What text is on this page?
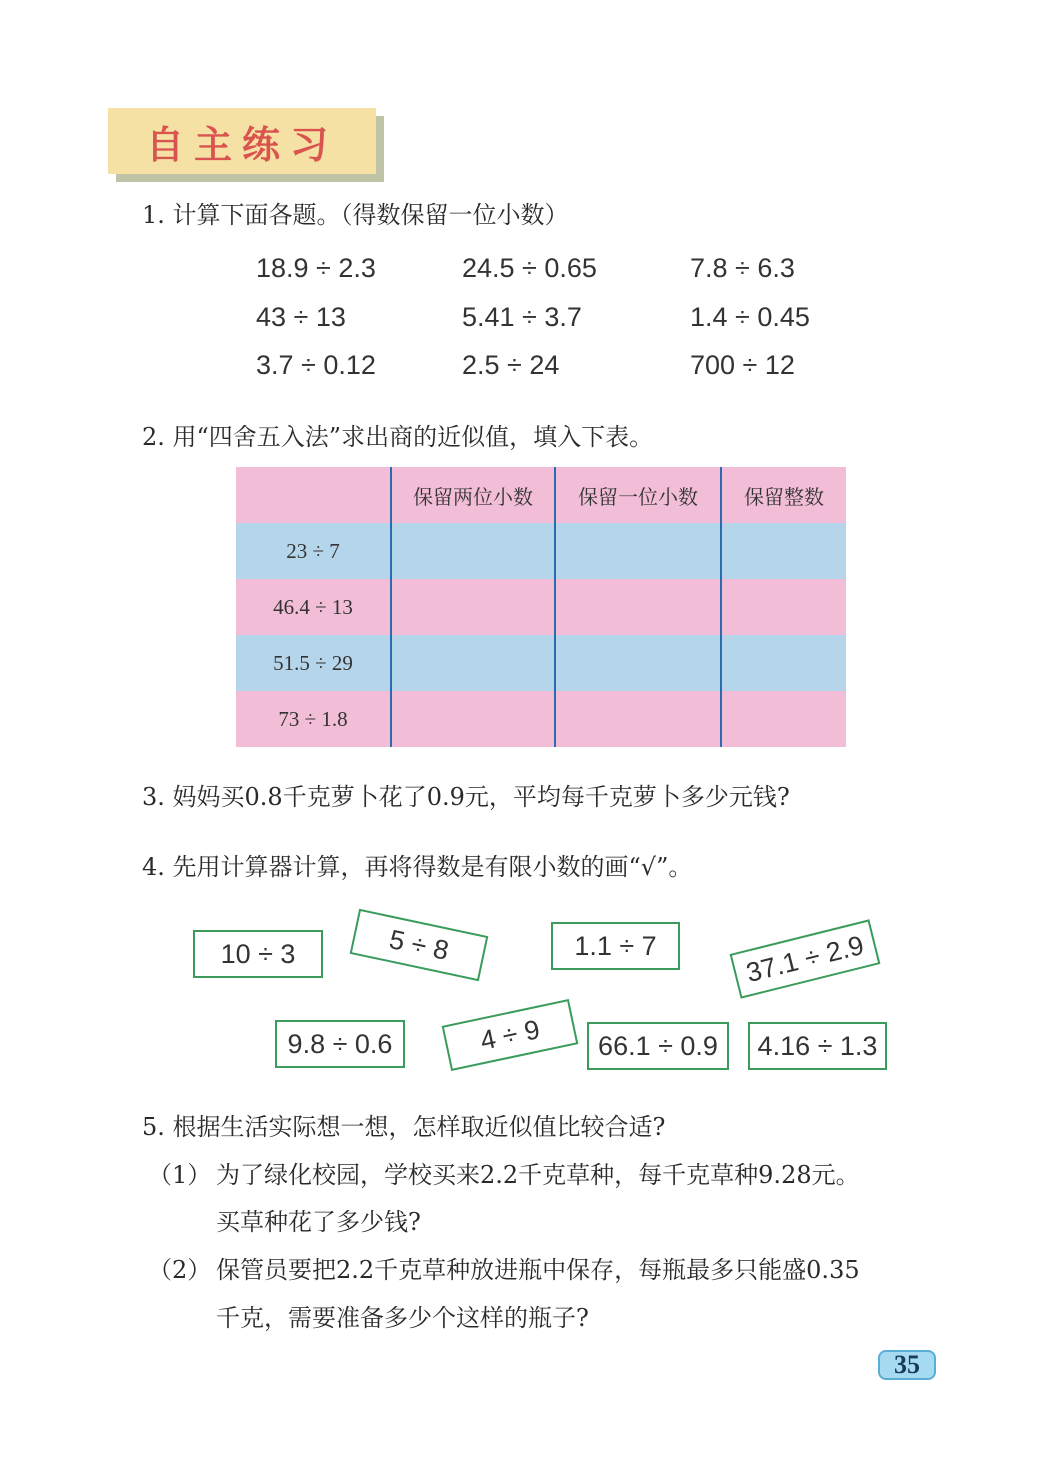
自主练习
1. 计算下面各题。（得数保留一位小数）
18.9 ÷ 2.3	24.5 ÷ 0.65	7.8 ÷ 6.3
43 ÷ 13	5.41 ÷ 3.7	1.4 ÷ 0.45
3.7 ÷ 0.12	2.5 ÷ 24	700 ÷ 12
2. 用“四舍五入法”求出商的近似值，填入下表。
	保留两位小数	保留一位小数	保留整数
23 ÷ 7			
46.4 ÷ 13			
51.5 ÷ 29			
73 ÷ 1.8			
3. 妈妈买0.8千克萝卜花了0.9元，平均每千克萝卜多少元钱?
4. 先用计算器计算，再将得数是有限小数的画“√”。
10 ÷ 3	5 ÷ 8	1.1 ÷ 7	37.1 ÷ 2.9
9.8 ÷ 0.6	4 ÷ 9	66.1 ÷ 0.9	4.16 ÷ 1.3
5. 根据生活实际想一想，怎样取近似值比较合适?
（1） 为了绿化校园，学校买来2.2千克草种，每千克草种9.28元。
买草种花了多少钱?
（2） 保管员要把2.2千克草种放进瓶中保存，每瓶最多只能盛0.35
千克，需要准备多少个这样的瓶子?
35
